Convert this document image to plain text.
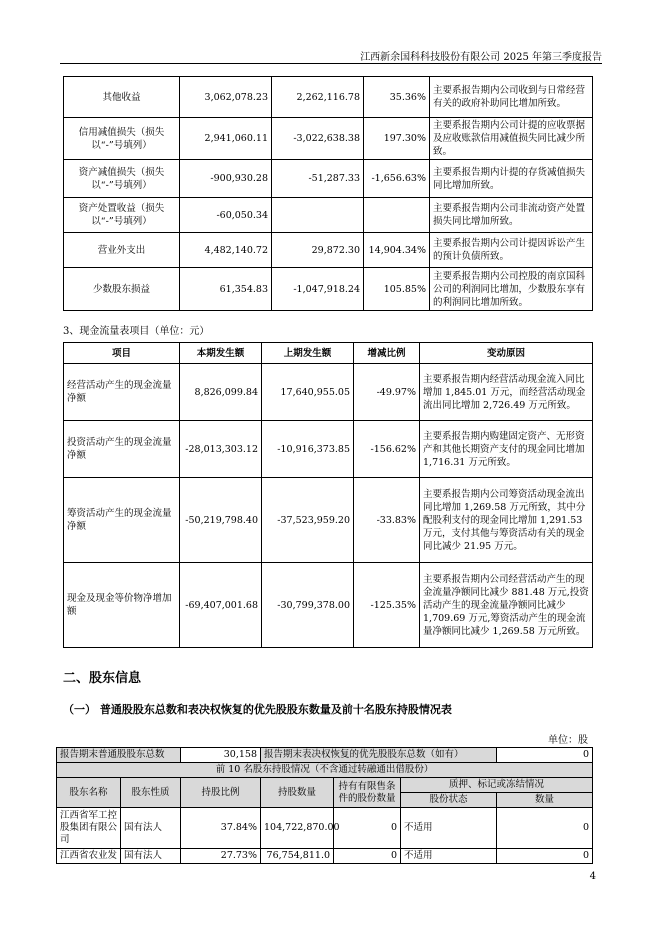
江西新余国科科技股份有限公司 2025 年第三季度报告
其他收益	3,062,078.23	2,262,116.78	35.36%	主要系报告期内公司收到与日常经营有关的政府补助同比增加所致。
信用减值损失（损失以“-”号填列）	2,941,060.11	-3,022,638.38	197.30%	主要系报告期内公司计提的应收票据及应收账款信用减值损失同比减少所致。
资产减值损失（损失以“-”号填列）	-900,930.28	-51,287.33	-1,656.63%	主要系报告期内计提的存货减值损失同比增加所致。
资产处置收益（损失以“-”号填列）	-60,050.34			主要系报告期内公司非流动资产处置损失同比增加所致。
营业外支出	4,482,140.72	29,872.30	14,904.34%	主要系报告期内公司计提因诉讼产生的预计负债所致。
少数股东损益	61,354.83	-1,047,918.24	105.85%	主要系报告期内公司控股的南京国科公司的利润同比增加，少数股东享有的利润同比增加所致。
3、现金流量表项目（单位：元）
项目	本期发生额	上期发生额	增减比例	变动原因
经营活动产生的现金流量净额	8,826,099.84	17,640,955.05	-49.97%	主要系报告期内经营活动现金流入同比增加 1,845.01 万元，而经营活动现金流出同比增加 2,726.49 万元所致。
投资活动产生的现金流量净额	-28,013,303.12	-10,916,373.85	-156.62%	主要系报告期内购建固定资产、无形资产和其他长期资产支付的现金同比增加 1,716.31 万元所致。
筹资活动产生的现金流量净额	-50,219,798.40	-37,523,959.20	-33.83%	主要系报告期内公司筹资活动现金流出同比增加 1,269.58 万元所致，其中分配股利支付的现金同比增加 1,291.53 万元，支付其他与筹资活动有关的现金同比减少 21.95 万元。
现金及现金等价物净增加额	-69,407,001.68	-30,799,378.00	-125.35%	主要系报告期内公司经营活动产生的现金流量净额同比减少 881.48 万元,投资活动产生的现金流量净额同比减少 1,709.69 万元,筹资活动产生的现金流量净额同比减少 1,269.58 万元所致。
二、股东信息
（一） 普通股股东总数和表决权恢复的优先股股东数量及前十名股东持股情况表
单位：股
报告期末普通股股东总数		30,158	报告期末表决权恢复的优先股股东总数（如有）			0
前 10 名股东持股情况（不含通过转融通出借股份）						
股东名称	股东性质	持股比例	持股数量	持有有限售条件的股份数量	质押、标记或冻结情况	
					股份状态	数量
江西省军工控股集团有限公司	国有法人	37.84%	104,722,870.00	0	不适用	0
江西省农业发	国有法人	27.73%	76,754,811.0	0	不适用	0
4
